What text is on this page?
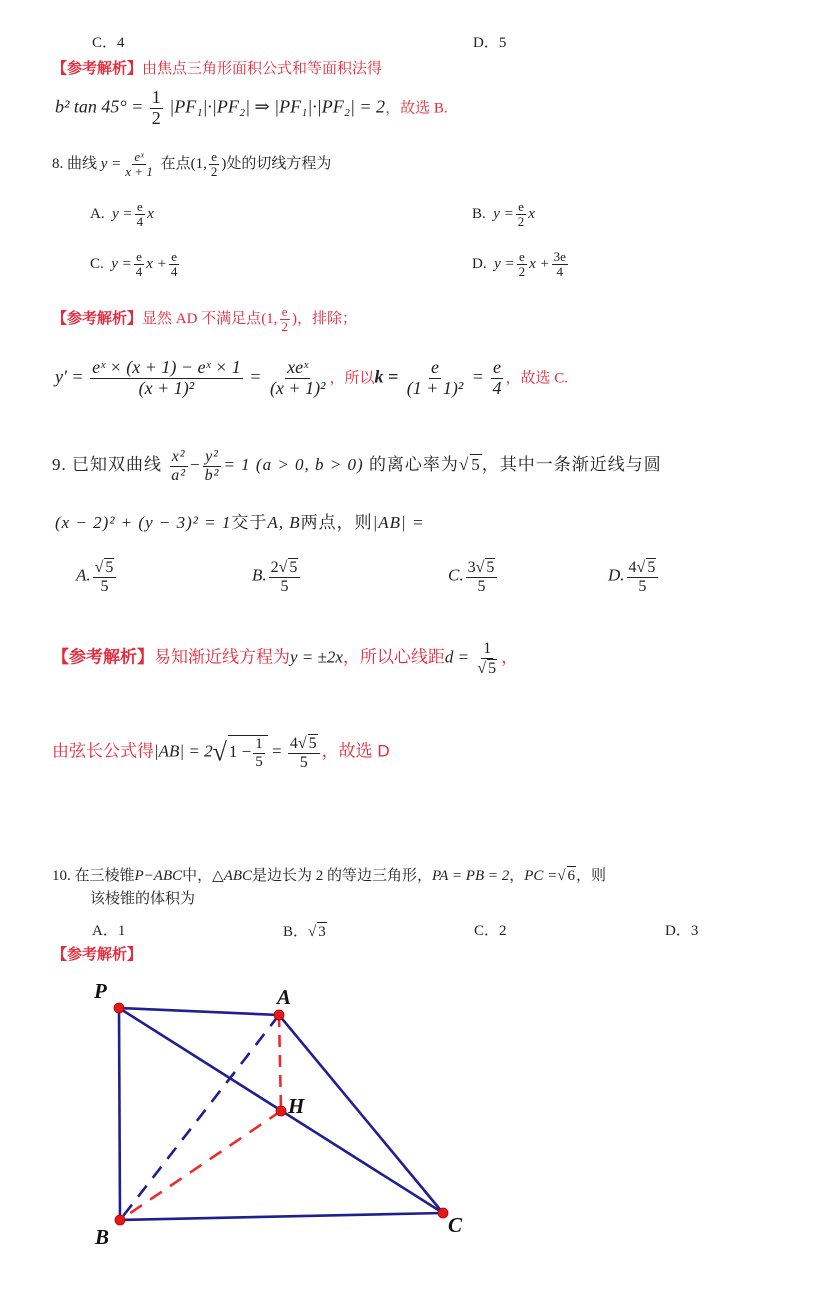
C．4	D．5
【参考解析】由焦点三角形面积公式和等面积法得
b² $\tan 45^\circ = \frac{1}{2} |PF_1|\cdot|PF_2|$ ⇒ |PF₁|·|PF₂| = 2，故选 B.
8. 曲线 $y = \frac{\text{eˣ}}{x + 1}$ 在点(1, $\frac{e}{2}$ )处的切线方程为
A. $y = \frac{e}{4}$ x	B. $y = \frac{e}{2}$ x
C. $y = \frac{e}{4}$ $x + \frac{e}{4}$	D. $y = \frac{e}{2}$ $x + \frac{3e}{4}$
【参考解析】显然 AD 不满足点(1, $\frac{e}{2}$ )，排除；
$y' = \frac{\text{eˣ × (x + 1) − eˣ × 1}}{\text{(x + 1)²}} = \frac{\text{xeˣ}}{\text{(x + 1)²}}$ ，所以$k = \frac{e}{\text{(1 + 1)²}} = \frac{e}{4}$ ，故选 C.
9. 已知双曲线 $\frac{\text{x²}}{\text{a²}} - \frac{\text{y²}}{\text{b²}} = 1$ (a > 0, b > 0) 的离心率为√ 5，其中一条渐近线与圆
(x − 2)² + (y − 3)² = 1交于A, B两点，则|AB| =
A. $\frac{√ 5}{5}$	B. $\frac{2√ 5}{5}$	C. $\frac{3√ 5}{5}$	D. $\frac{4√ 5}{5}$
【参考解析】易知渐近线方程为y = ±2x，所以心线距$d = \frac{1}{√ 5}$ ，
由弦长公式得|AB| = 2√ $1 - \frac{1}{5} = \frac{4√ 5}{5}$ ，故选 D
10. 在三棱锥P−ABC中，△ABC是边长为 2 的等边三角形，PA = PB = 2，PC =√ 6，则
该棱锥的体积为
A．1	B．√ 3	C．2	D．3
【参考解析】
P	A
H
B	C
